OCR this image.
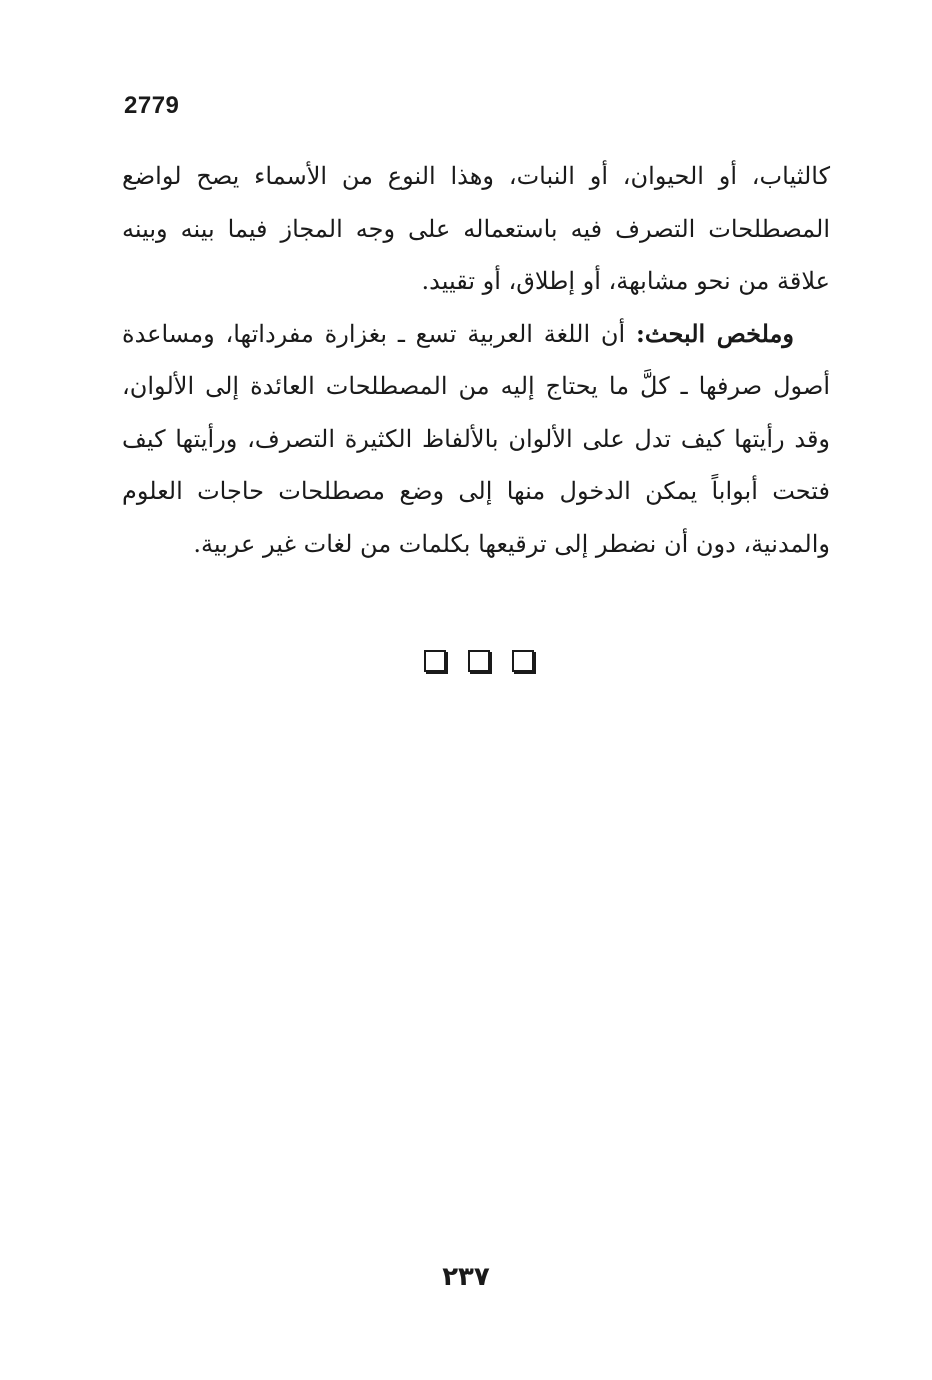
2779

كالثياب، أو الحيوان، أو النبات، وهذا النوع من الأسماء يصح لواضع المصطلحات التصرف فيه باستعماله على وجه المجاز فيما بينه وبينه علاقة من نحو مشابهة، أو إطلاق، أو تقييد.

وملخص البحث: أن اللغة العربية تسع ـ بغزارة مفرداتها، ومساعدة أصول صرفها ـ كلَّ ما يحتاج إليه من المصطلحات العائدة إلى الألوان، وقد رأيتها كيف تدل على الألوان بالألفاظ الكثيرة التصرف، ورأيتها كيف فتحت أبواباً يمكن الدخول منها إلى وضع مصطلحات حاجات العلوم والمدنية، دون أن نضطر إلى ترقيعها بكلمات من لغات غير عربية.

٢٣٧
